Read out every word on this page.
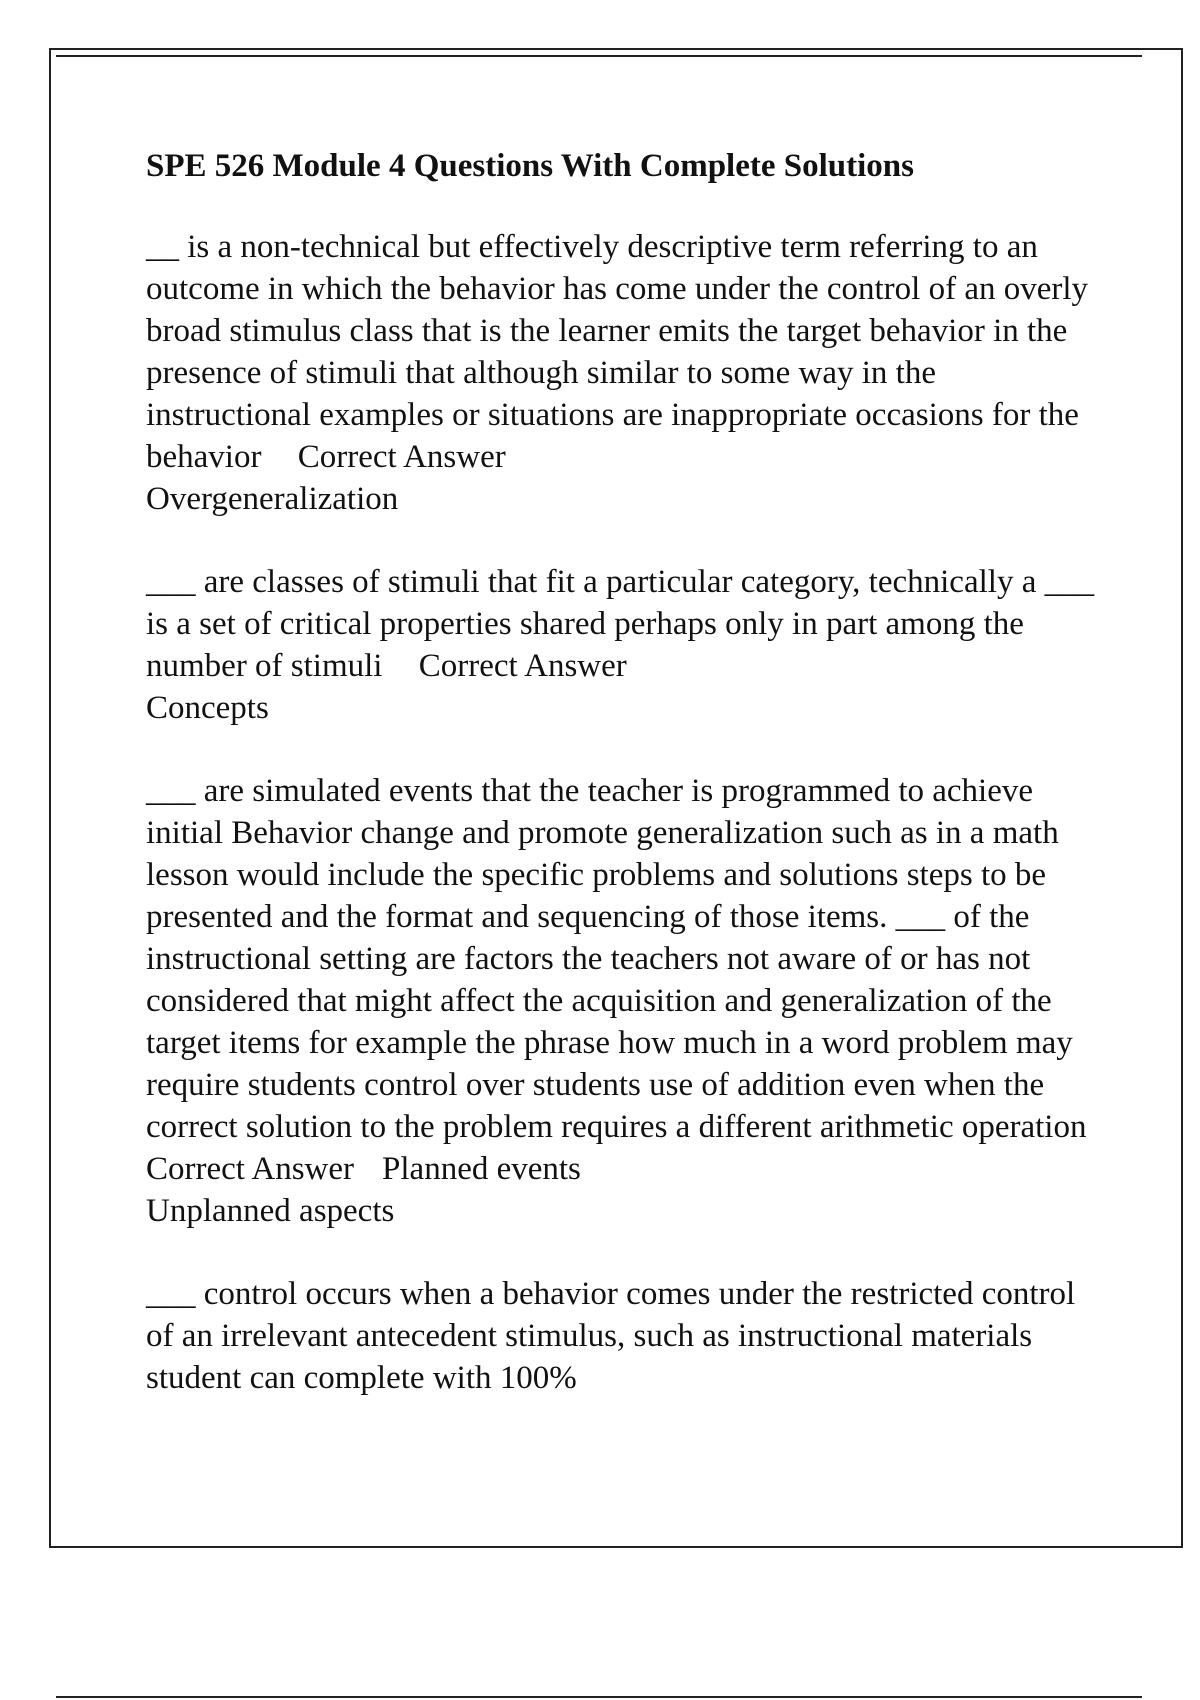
SPE 526 Module 4 Questions With Complete Solutions
__ is a non-technical but effectively descriptive term referring to an outcome in which the behavior has come under the control of an overly broad stimulus class that is the learner emits the target behavior in the presence of stimuli that although similar to some way in the instructional examples or situations are inappropriate occasions for the behavior Correct Answer
Overgeneralization
___ are classes of stimuli that fit a particular category, technically a ___ is a set of critical properties shared perhaps only in part among the number of stimuli Correct Answer
Concepts
___ are simulated events that the teacher is programmed to achieve initial Behavior change and promote generalization such as in a math lesson would include the specific problems and solutions steps to be presented and the format and sequencing of those items. ___ of the instructional setting are factors the teachers not aware of or has not considered that might affect the acquisition and generalization of the target items for example the phrase how much in a word problem may require students control over students use of addition even when the correct solution to the problem requires a different arithmetic operation
Correct Answer Planned events
Unplanned aspects
___ control occurs when a behavior comes under the restricted control of an irrelevant antecedent stimulus, such as instructional materials student can complete with 100%
